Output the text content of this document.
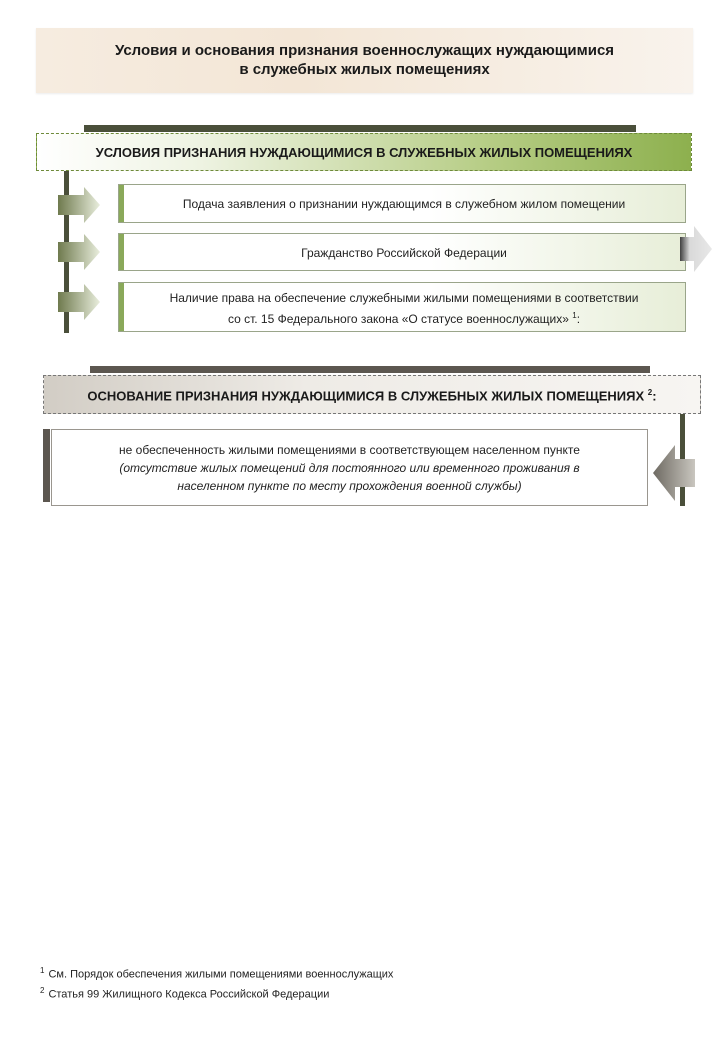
Условия и основания признания военнослужащих нуждающимися
в служебных жилых помещениях
УСЛОВИЯ ПРИЗНАНИЯ НУЖДАЮЩИМИСЯ В СЛУЖЕБНЫХ ЖИЛЫХ ПОМЕЩЕНИЯХ
Подача заявления о признании нуждающимся в служебном жилом помещении
Гражданство Российской Федерации
Наличие права на обеспечение служебными жилыми помещениями в соответствии
со ст. 15 Федерального закона «О статусе военнослужащих» $^1$:
ОСНОВАНИЕ ПРИЗНАНИЯ НУЖДАЮЩИМИСЯ В СЛУЖЕБНЫХ ЖИЛЫХ ПОМЕЩЕНИЯХ $^2$:
не обеспеченность жилыми помещениями в соответствующем населенном пункте
(отсутствие жилых помещений для постоянного или временного проживания в
населенном пункте по месту прохождения военной службы)
$^1$ См. Порядок обеспечения жилыми помещениями военнослужащих
$^2$ Статья 99 Жилищного Кодекса Российской Федерации
